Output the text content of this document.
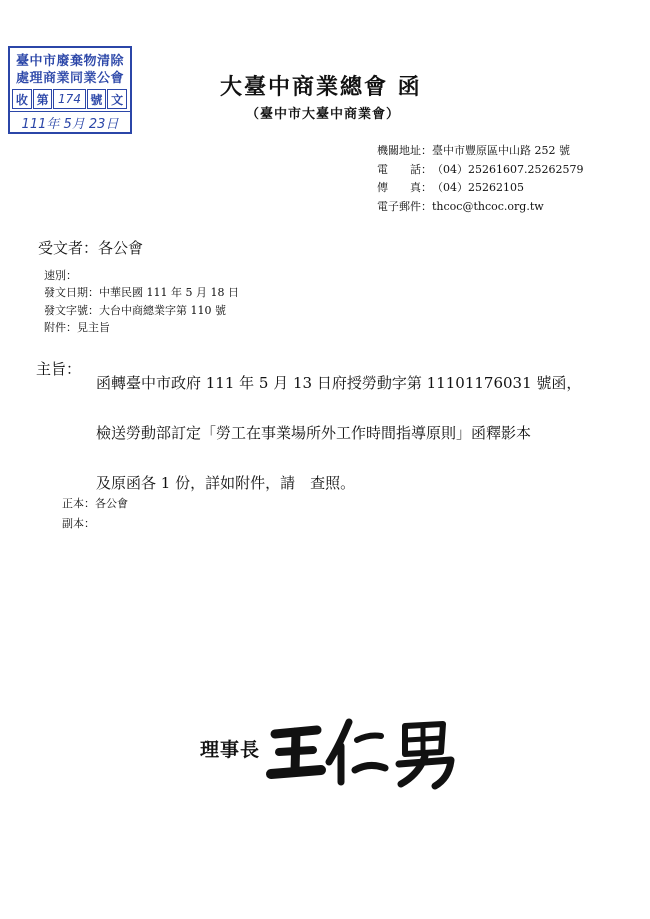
臺中市廢棄物清除
處理商業同業公會
收 第 174 號 文
111年 5月 23日
大臺中商業總會 函
（臺中市大臺中商業會）
機關地址： 臺中市豐原區中山路 252 號
電　　話： （04）25261607.25262579
傳　　真： （04）25262105
電子郵件： thcoc@thcoc.org.tw
受文者：各公會
速別：
發文日期：中華民國 111 年 5 月 18 日
發文字號：大台中商總業字第 110 號
附件：見主旨
主旨：
函轉臺中市政府 111 年 5 月 13 日府授勞動字第 11101176031 號函，
檢送勞動部訂定「勞工在事業場所外工作時間指導原則」函釋影本
及原函各 1 份，詳如附件，請　查照。
正本：各公會
副本：
理事長
